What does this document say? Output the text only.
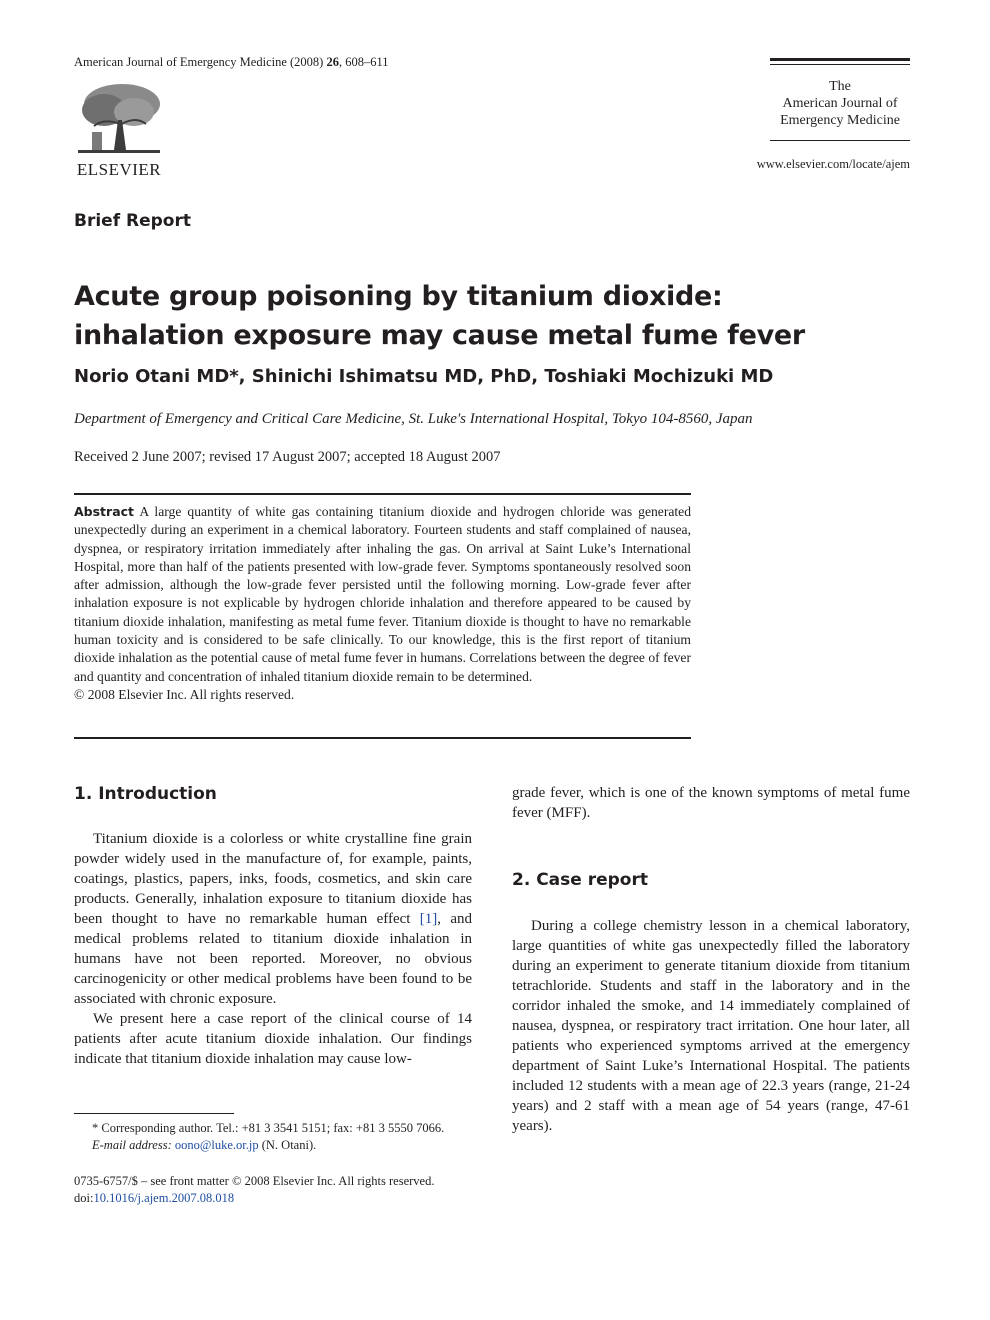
American Journal of Emergency Medicine (2008) 26, 608–611
ELSEVIER
The
American Journal of
Emergency Medicine
www.elsevier.com/locate/ajem
Brief Report
Acute group poisoning by titanium dioxide: inhalation exposure may cause metal fume fever
Norio Otani MD*, Shinichi Ishimatsu MD, PhD, Toshiaki Mochizuki MD
Department of Emergency and Critical Care Medicine, St. Luke's International Hospital, Tokyo 104-8560, Japan
Received 2 June 2007; revised 17 August 2007; accepted 18 August 2007
Abstract A large quantity of white gas containing titanium dioxide and hydrogen chloride was generated unexpectedly during an experiment in a chemical laboratory. Fourteen students and staff complained of nausea, dyspnea, or respiratory irritation immediately after inhaling the gas. On arrival at Saint Luke’s International Hospital, more than half of the patients presented with low-grade fever. Symptoms spontaneously resolved soon after admission, although the low-grade fever persisted until the following morning. Low-grade fever after inhalation exposure is not explicable by hydrogen chloride inhalation and therefore appeared to be caused by titanium dioxide inhalation, manifesting as metal fume fever. Titanium dioxide is thought to have no remarkable human toxicity and is considered to be safe clinically. To our knowledge, this is the first report of titanium dioxide inhalation as the potential cause of metal fume fever in humans. Correlations between the degree of fever and quantity and concentration of inhaled titanium dioxide remain to be determined.
© 2008 Elsevier Inc. All rights reserved.
1. Introduction

Titanium dioxide is a colorless or white crystalline fine grain powder widely used in the manufacture of, for example, paints, coatings, plastics, papers, inks, foods, cosmetics, and skin care products. Generally, inhalation exposure to titanium dioxide has been thought to have no remarkable human effect [1], and medical problems related to titanium dioxide inhalation in humans have not been reported. Moreover, no obvious carcinogenicity or other medical problems have been found to be associated with chronic exposure.

We present here a case report of the clinical course of 14 patients after acute titanium dioxide inhalation. Our findings indicate that titanium dioxide inhalation may cause low-

* Corresponding author. Tel.: +81 3 3541 5151; fax: +81 3 5550 7066.
E-mail address: oono@luke.or.jp (N. Otani).
0735-6757/$ – see front matter © 2008 Elsevier Inc. All rights reserved.
doi:10.1016/j.ajem.2007.08.018
grade fever, which is one of the known symptoms of metal fume fever (MFF).
2. Case report

During a college chemistry lesson in a chemical laboratory, large quantities of white gas unexpectedly filled the laboratory during an experiment to generate titanium dioxide from titanium tetrachloride. Students and staff in the laboratory and in the corridor inhaled the smoke, and 14 immediately complained of nausea, dyspnea, or respiratory tract irritation. One hour later, all patients who experienced symptoms arrived at the emergency department of Saint Luke’s International Hospital. The patients included 12 students with a mean age of 22.3 years (range, 21-24 years) and 2 staff with a mean age of 54 years (range, 47-61 years).
